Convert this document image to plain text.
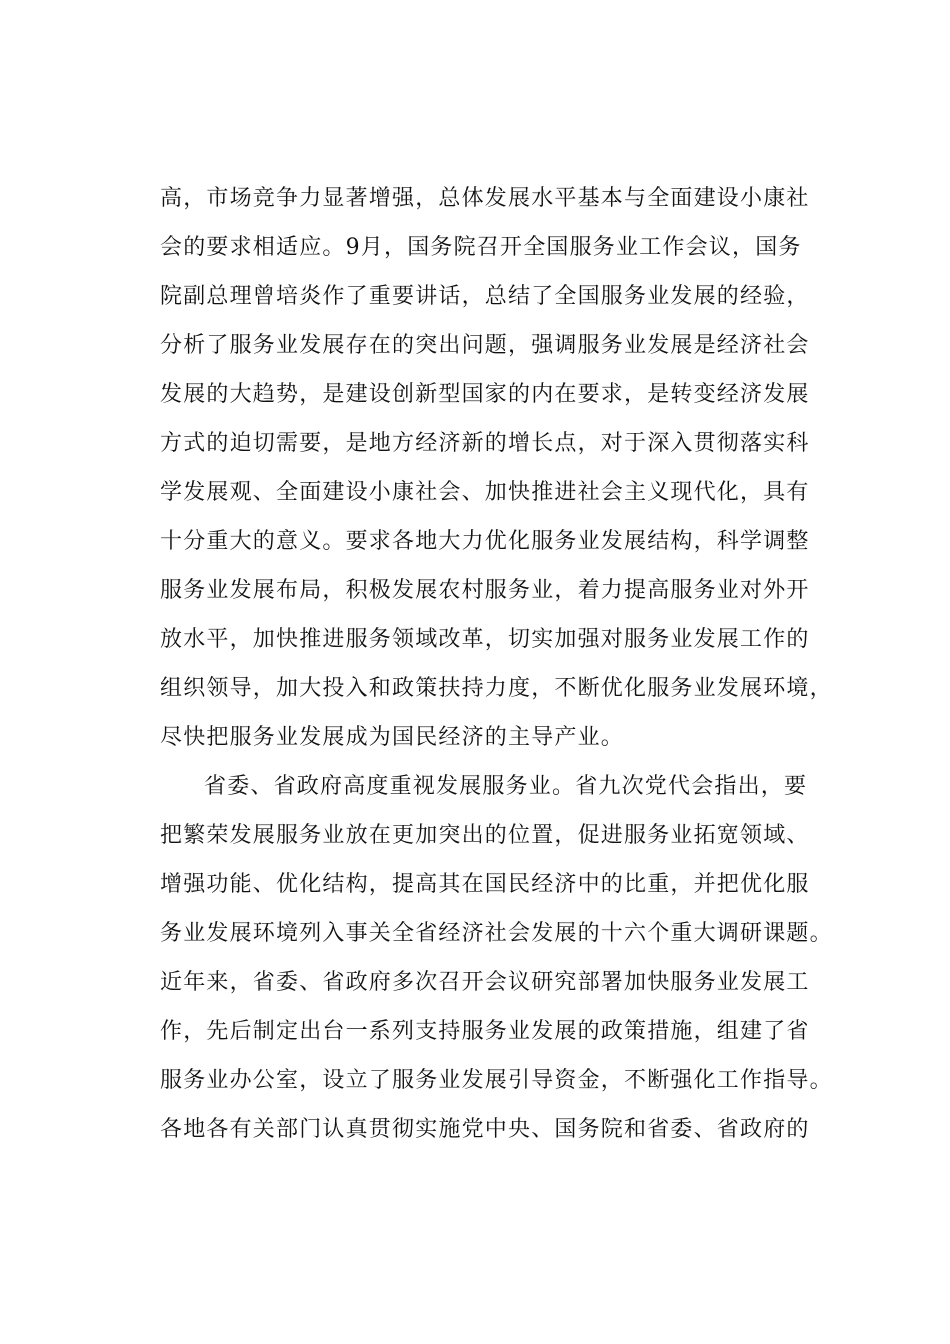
高，市场竞争力显著增强，总体发展水平基本与全面建设小康社
会的要求相适应。9月，国务院召开全国服务业工作会议，国务
院副总理曾培炎作了重要讲话，总结了全国服务业发展的经验，
分析了服务业发展存在的突出问题，强调服务业发展是经济社会
发展的大趋势，是建设创新型国家的内在要求，是转变经济发展
方式的迫切需要，是地方经济新的增长点，对于深入贯彻落实科
学发展观、全面建设小康社会、加快推进社会主义现代化，具有
十分重大的意义。要求各地大力优化服务业发展结构，科学调整
服务业发展布局，积极发展农村服务业，着力提高服务业对外开
放水平，加快推进服务领域改革，切实加强对服务业发展工作的
组织领导，加大投入和政策扶持力度，不断优化服务业发展环境，
尽快把服务业发展成为国民经济的主导产业。
省委、省政府高度重视发展服务业。省九次党代会指出，要
把繁荣发展服务业放在更加突出的位置，促进服务业拓宽领域、
增强功能、优化结构，提高其在国民经济中的比重，并把优化服
务业发展环境列入事关全省经济社会发展的十六个重大调研课题。
近年来，省委、省政府多次召开会议研究部署加快服务业发展工
作，先后制定出台一系列支持服务业发展的政策措施，组建了省
服务业办公室，设立了服务业发展引导资金，不断强化工作指导。
各地各有关部门认真贯彻实施党中央、国务院和省委、省政府的
